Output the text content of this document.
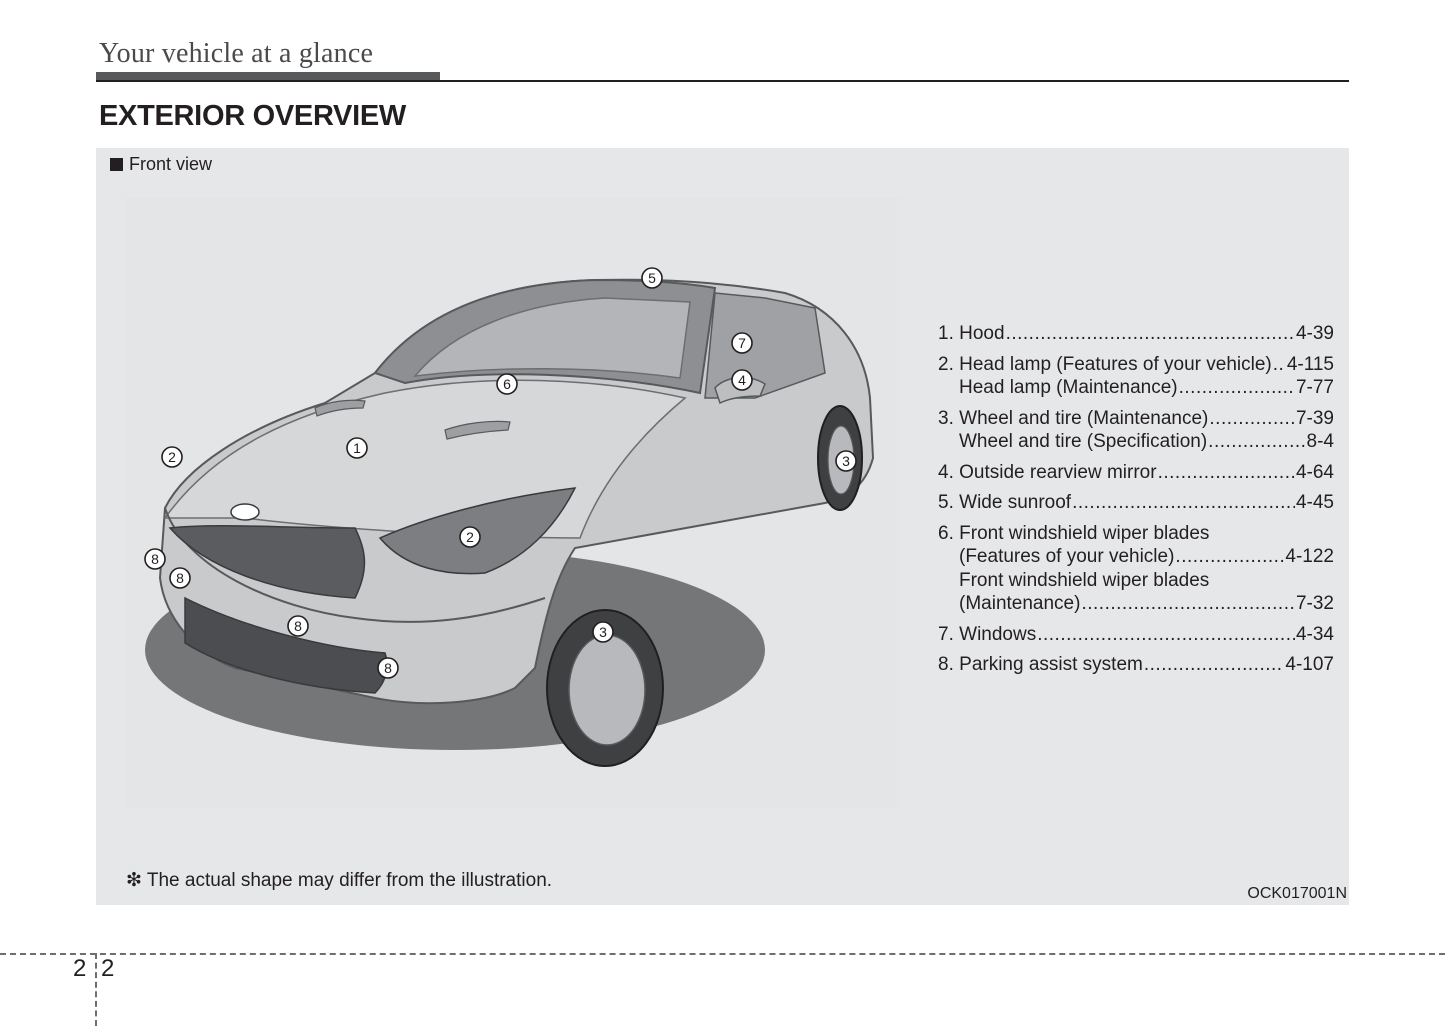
Your vehicle at a glance
EXTERIOR OVERVIEW
Front view
5
7
4
6
1
2
3
2
8
8
8	3
8
1. Hood .....	4-39
2. Head lamp (Features of your vehicle) ..... 4-115
Head lamp (Maintenance) .....	7-77
3. Wheel and tire (Maintenance) .....	7-39
Wheel and tire (Specification) .....	8-4
4. Outside rearview mirror .....	4-64
5. Wide sunroof .....	4-45
6. Front windshield wiper blades
(Features of your vehicle) .....	4-122
Front windshield wiper blades
(Maintenance) .....	7-32
7. Windows .....	4-34
8. Parking assist system .....	4-107
❇ The actual shape may differ from the illustration.
OCK017001N
2 2
